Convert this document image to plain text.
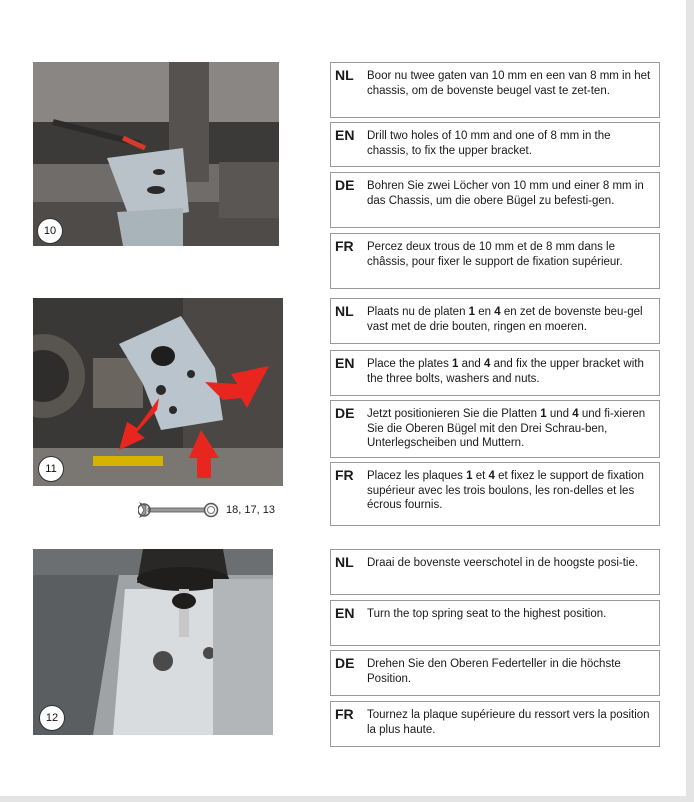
10
NL	Boor nu twee gaten van 10 mm en een van 8 mm in het chassis, om de bovenste beugel vast te zet-ten.
EN	Drill two holes of 10 mm and one of 8 mm in the chassis, to fix the upper bracket.
DE	Bohren Sie zwei Löcher von 10 mm und einer 8 mm in das Chassis, um die obere Bügel zu befesti-gen.
FR	Percez deux trous de 10 mm et de 8 mm dans le châssis, pour fixer le support de fixation supérieur.
11
18, 17, 13
NL	Plaats nu de platen 1 en 4 en zet de bovenste beu-gel vast met de drie bouten, ringen en moeren.
EN	Place the plates 1 and 4 and fix the upper bracket with the three bolts, washers and nuts.
DE	Jetzt positionieren Sie die Platten 1 und 4 und fi-xieren Sie die Oberen Bügel mit den Drei Schrau-ben, Unterlegscheiben und Muttern.
FR	Placez les plaques 1 et 4 et fixez le support de fixation supérieur avec les trois boulons, les ron-delles et les écrous fournis.
12
NL	Draai de bovenste veerschotel in de hoogste posi-tie.
EN	Turn the top spring seat to the highest position.
DE	Drehen Sie den Oberen Federteller in die höchste Position.
FR	Tournez la plaque supérieure du ressort vers la position la plus haute.
